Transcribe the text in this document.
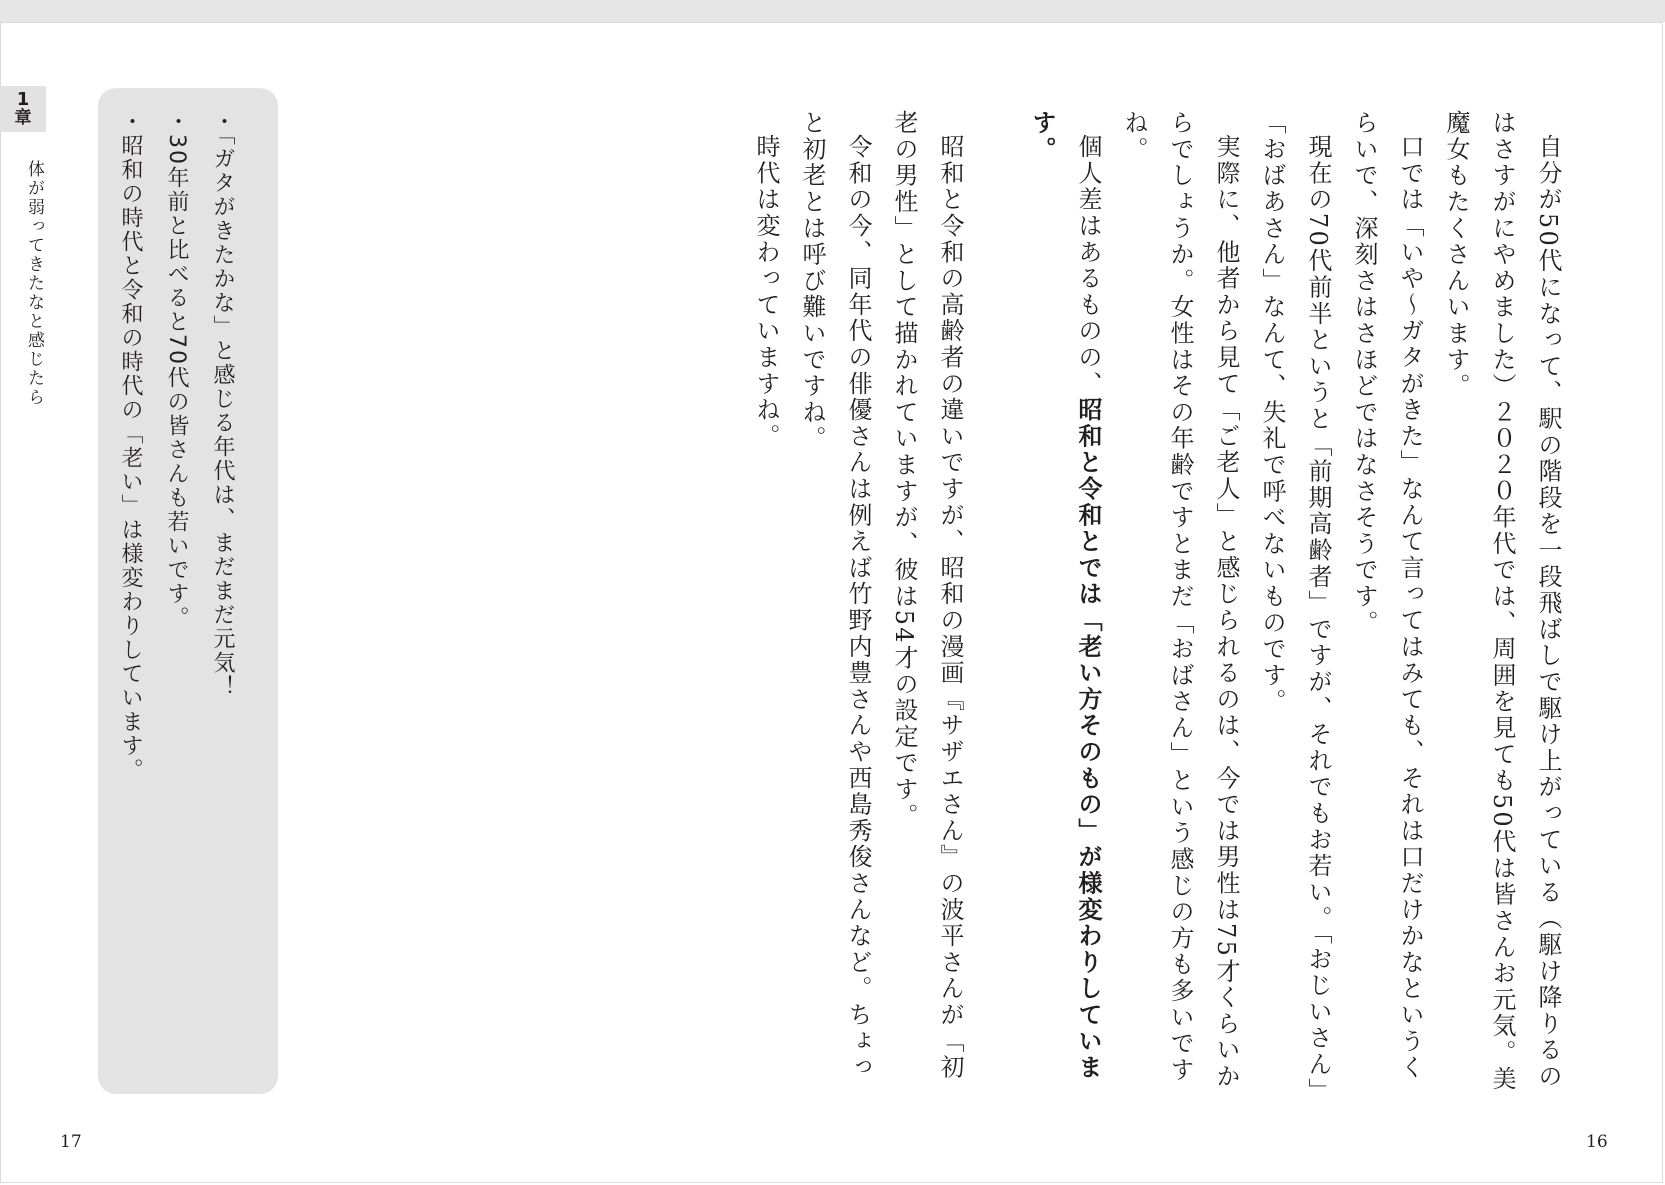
1
章
体が弱ってきたなと感じたら	・「ガタがきたかな」と感じる年代は、まだまだ元気！
・30年前と比べると70代の皆さんも若いです。
・昭和の時代と令和の時代の「老い」は様変わりしています。	自分が50代になって、駅の階段を一段飛ばしで駆け上がっている（駆け降りるのはさすがにやめました）２０２０年代では、周囲を見ても50代は皆さんお元気。美魔女もたくさんいます。

口では「いや～ガタがきた」なんて言ってはみても、それは口だけかなというくらいで、深刻さはさほどではなさそうです。

現在の70代前半というと「前期高齢者」ですが、それでもお若い。「おじいさん」「おばあさん」なんて、失礼で呼べないものです。

実際に、他者から見て「ご老人」と感じられるのは、今では男性は75才くらいからでしょうか。女性はその年齢ですとまだ「おばさん」という感じの方も多いですね。

個人差はあるものの、昭和と令和とでは「老い方そのもの」が様変わりしています。

昭和と令和の高齢者の違いですが、昭和の漫画『サザエさん』の波平さんが「初老の男性」として描かれていますが、彼は54才の設定です。

令和の今、同年代の俳優さんは例えば竹野内豊さんや西島秀俊さんなど。ちょっと初老とは呼び難いですね。

時代は変わっていますね。

17	16
